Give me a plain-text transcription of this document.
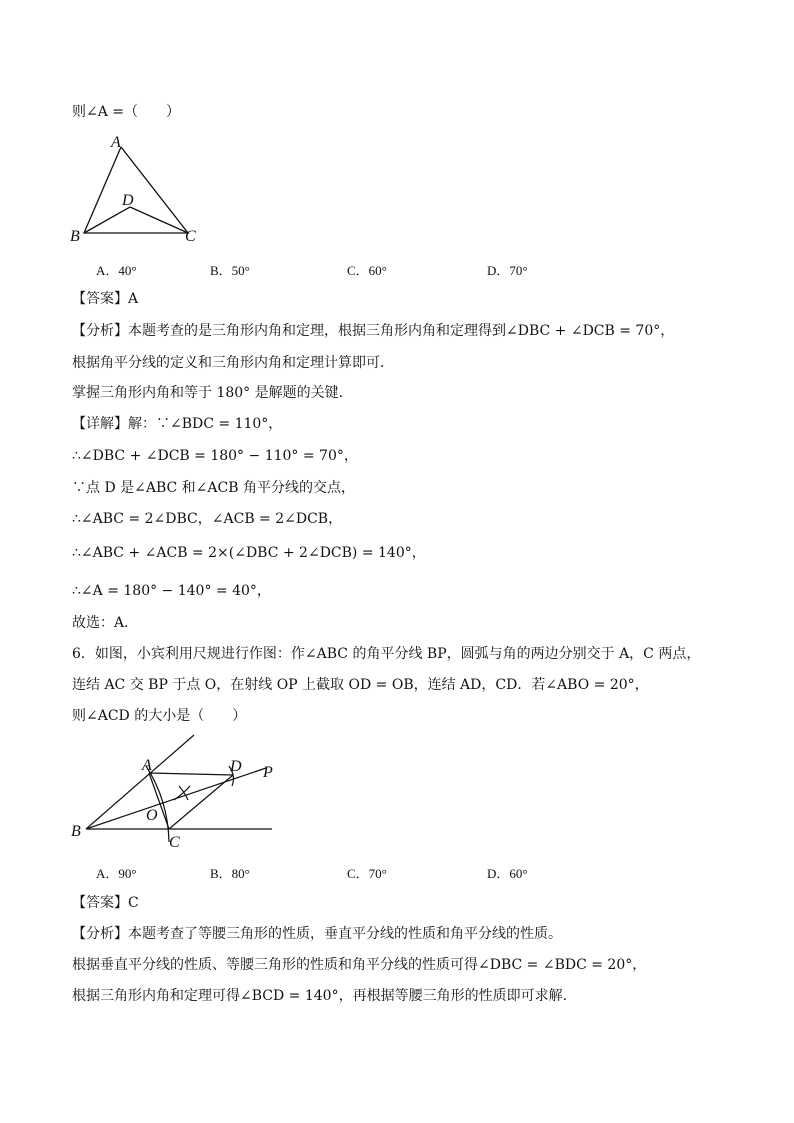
则∠A =（　　）
A
B	C
D
A．40°	B．50°	C．60°	D．70°
【答案】A
【分析】本题考查的是三角形内角和定理，根据三角形内角和定理得到∠DBC + ∠DCB = 70°，
根据角平分线的定义和三角形内角和定理计算即可．
掌握三角形内角和等于 180° 是解题的关键．
【详解】解：∵∠BDC = 110°，
∴∠DBC + ∠DCB = 180° − 110° = 70°，
∵点 D 是∠ABC 和∠ACB 角平分线的交点，
∴∠ABC = 2∠DBC，∠ACB = 2∠DCB，
∴∠ABC + ∠ACB = 2×(∠DBC + 2∠DCB) = 140°，
∴∠A = 180° − 140° = 40°，
故选：A．
6．如图，小宾利用尺规进行作图：作∠ABC 的角平分线 BP，圆弧与角的两边分别交于 A，C 两点，
连结 AC 交 BP 于点 O，在射线 OP 上截取 OD = OB，连结 AD，CD．若∠ABO = 20°，
则∠ACD 的大小是（　　）
A
B
C
D
O
P
A．90°	B．80°	C．70°	D．60°
【答案】C
【分析】本题考查了等腰三角形的性质，垂直平分线的性质和角平分线的性质。
根据垂直平分线的性质、等腰三角形的性质和角平分线的性质可得∠DBC = ∠BDC = 20°，
根据三角形内角和定理可得∠BCD = 140°，再根据等腰三角形的性质即可求解．
